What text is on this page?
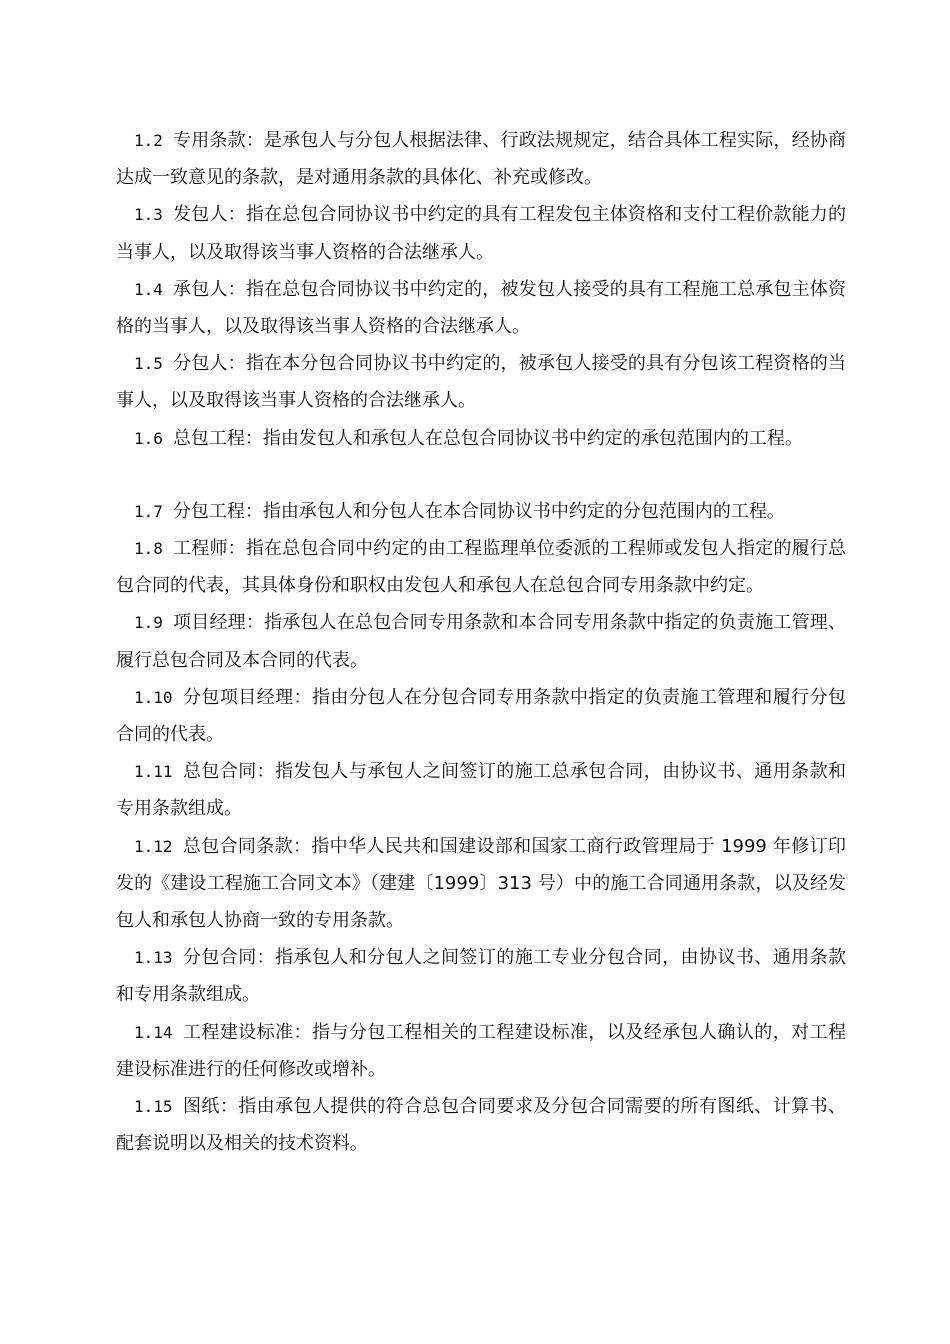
1.2 专用条款：是承包人与分包人根据法律、行政法规规定，结合具体工程实际，经协商达成一致意见的条款，是对通用条款的具体化、补充或修改。

1.3 发包人：指在总包合同协议书中约定的具有工程发包主体资格和支付工程价款能力的当事人，以及取得该当事人资格的合法继承人。

1.4 承包人：指在总包合同协议书中约定的，被发包人接受的具有工程施工总承包主体资格的当事人，以及取得该当事人资格的合法继承人。

1.5 分包人：指在本分包合同协议书中约定的，被承包人接受的具有分包该工程资格的当事人，以及取得该当事人资格的合法继承人。

1.6 总包工程：指由发包人和承包人在总包合同协议书中约定的承包范围内的工程。

1.7 分包工程：指由承包人和分包人在本合同协议书中约定的分包范围内的工程。

1.8 工程师：指在总包合同中约定的由工程监理单位委派的工程师或发包人指定的履行总包合同的代表，其具体身份和职权由发包人和承包人在总包合同专用条款中约定。

1.9 项目经理：指承包人在总包合同专用条款和本合同专用条款中指定的负责施工管理、履行总包合同及本合同的代表。

1.10 分包项目经理：指由分包人在分包合同专用条款中指定的负责施工管理和履行分包合同的代表。

1.11 总包合同：指发包人与承包人之间签订的施工总承包合同，由协议书、通用条款和专用条款组成。

1.12 总包合同条款：指中华人民共和国建设部和国家工商行政管理局于 1999 年修订印发的《建设工程施工合同文本》（建建〔1999〕313 号）中的施工合同通用条款，以及经发包人和承包人协商一致的专用条款。

1.13 分包合同：指承包人和分包人之间签订的施工专业分包合同，由协议书、通用条款和专用条款组成。

1.14 工程建设标准：指与分包工程相关的工程建设标准，以及经承包人确认的，对工程建设标准进行的任何修改或增补。

1.15 图纸：指由承包人提供的符合总包合同要求及分包合同需要的所有图纸、计算书、配套说明以及相关的技术资料。
